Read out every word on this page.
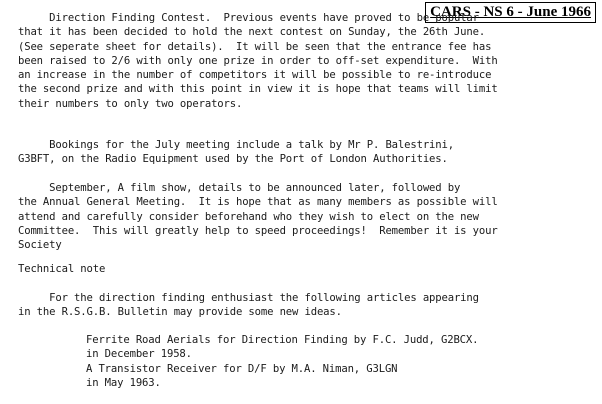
CARS - NS 6 - June 1966

Direction Finding Contest.  Previous events have proved to be popular
that it has been decided to hold the next contest on Sunday, the 26th June.
(See seperate sheet for details).  It will be seen that the entrance fee has
been raised to 2/6 with only one prize in order to off-set expenditure.  With
an increase in the number of competitors it will be possible to re-introduce
the second prize and with this point in view it is hope that teams will limit
their numbers to only two operators.

Bookings for the July meeting include a talk by Mr P. Balestrini,
G3BFT, on the Radio Equipment used by the Port of London Authorities.

September, A film show, details to be announced later, followed by
the Annual General Meeting.  It is hope that as many members as possible will
attend and carefully consider beforehand who they wish to elect on the new
Committee.  This will greatly help to speed proceedings!  Remember it is your
Society

Technical note

For the direction finding enthusiast the following articles appearing
in the R.S.G.B. Bulletin may provide some new ideas.

Ferrite Road Aerials for Direction Finding by F.C. Judd, G2BCX.
in December 1958.
A Transistor Receiver for D/F by M.A. Niman, G3LGN
in May 1963.
